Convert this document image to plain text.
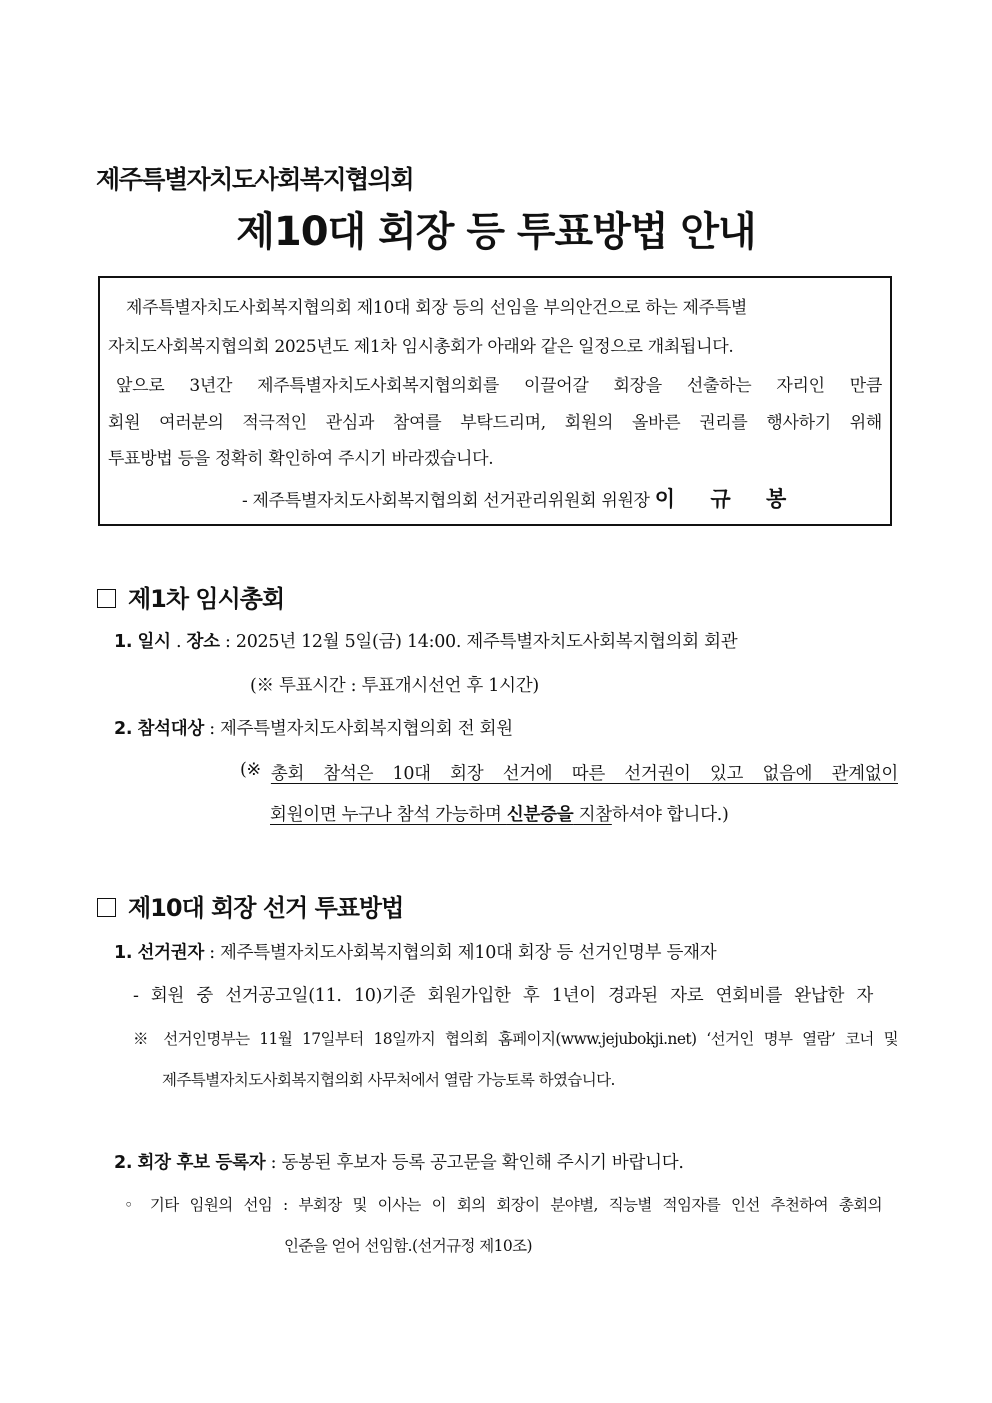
제주특별자치도사회복지협의회
제10대 회장 등 투표방법 안내
제주특별자치도사회복지협의회 제10대 회장 등의 선임을 부의안건으로 하는 제주특별
자치도사회복지협의회 2025년도 제1차 임시총회가 아래와 같은 일정으로 개최됩니다.
앞으로 3년간 제주특별자치도사회복지협의회를 이끌어갈 회장을 선출하는 자리인 만큼
회원 여러분의 적극적인 관심과 참여를 부탁드리며, 회원의 올바른 권리를 행사하기 위해
투표방법 등을 정확히 확인하여 주시기 바라겠습니다.
- 제주특별자치도사회복지협의회 선거관리위원회 위원장 이 규 봉
제1차 임시총회
1. 일시 . 장소 : 2025년 12월 5일(금) 14:00. 제주특별자치도사회복지협의회 회관
(※ 투표시간 : 투표개시선언 후 1시간)
2. 참석대상 : 제주특별자치도사회복지협의회 전 회원
(※ 총회 참석은 10대 회장 선거에 따른 선거권이 있고 없음에 관계없이
회원이면 누구나 참석 가능하며 신분증을 지참하셔야 합니다.)
제10대 회장 선거 투표방법
1. 선거권자 : 제주특별자치도사회복지협의회 제10대 회장 등 선거인명부 등재자
- 회원 중 선거공고일(11. 10)기준 회원가입한 후 1년이 경과된 자로 연회비를 완납한 자
※ 선거인명부는 11월 17일부터 18일까지 협의회 홈페이지(www.jejubokji.net) ‘선거인 명부 열람’ 코너 및
제주특별자치도사회복지협의회 사무처에서 열람 가능토록 하였습니다.
2. 회장 후보 등록자 : 동봉된 후보자 등록 공고문을 확인해 주시기 바랍니다.
◦ 기타 임원의 선임 : 부회장 및 이사는 이 회의 회장이 분야별, 직능별 적임자를 인선 추천하여 총회의
인준을 얻어 선임함.(선거규정 제10조)
